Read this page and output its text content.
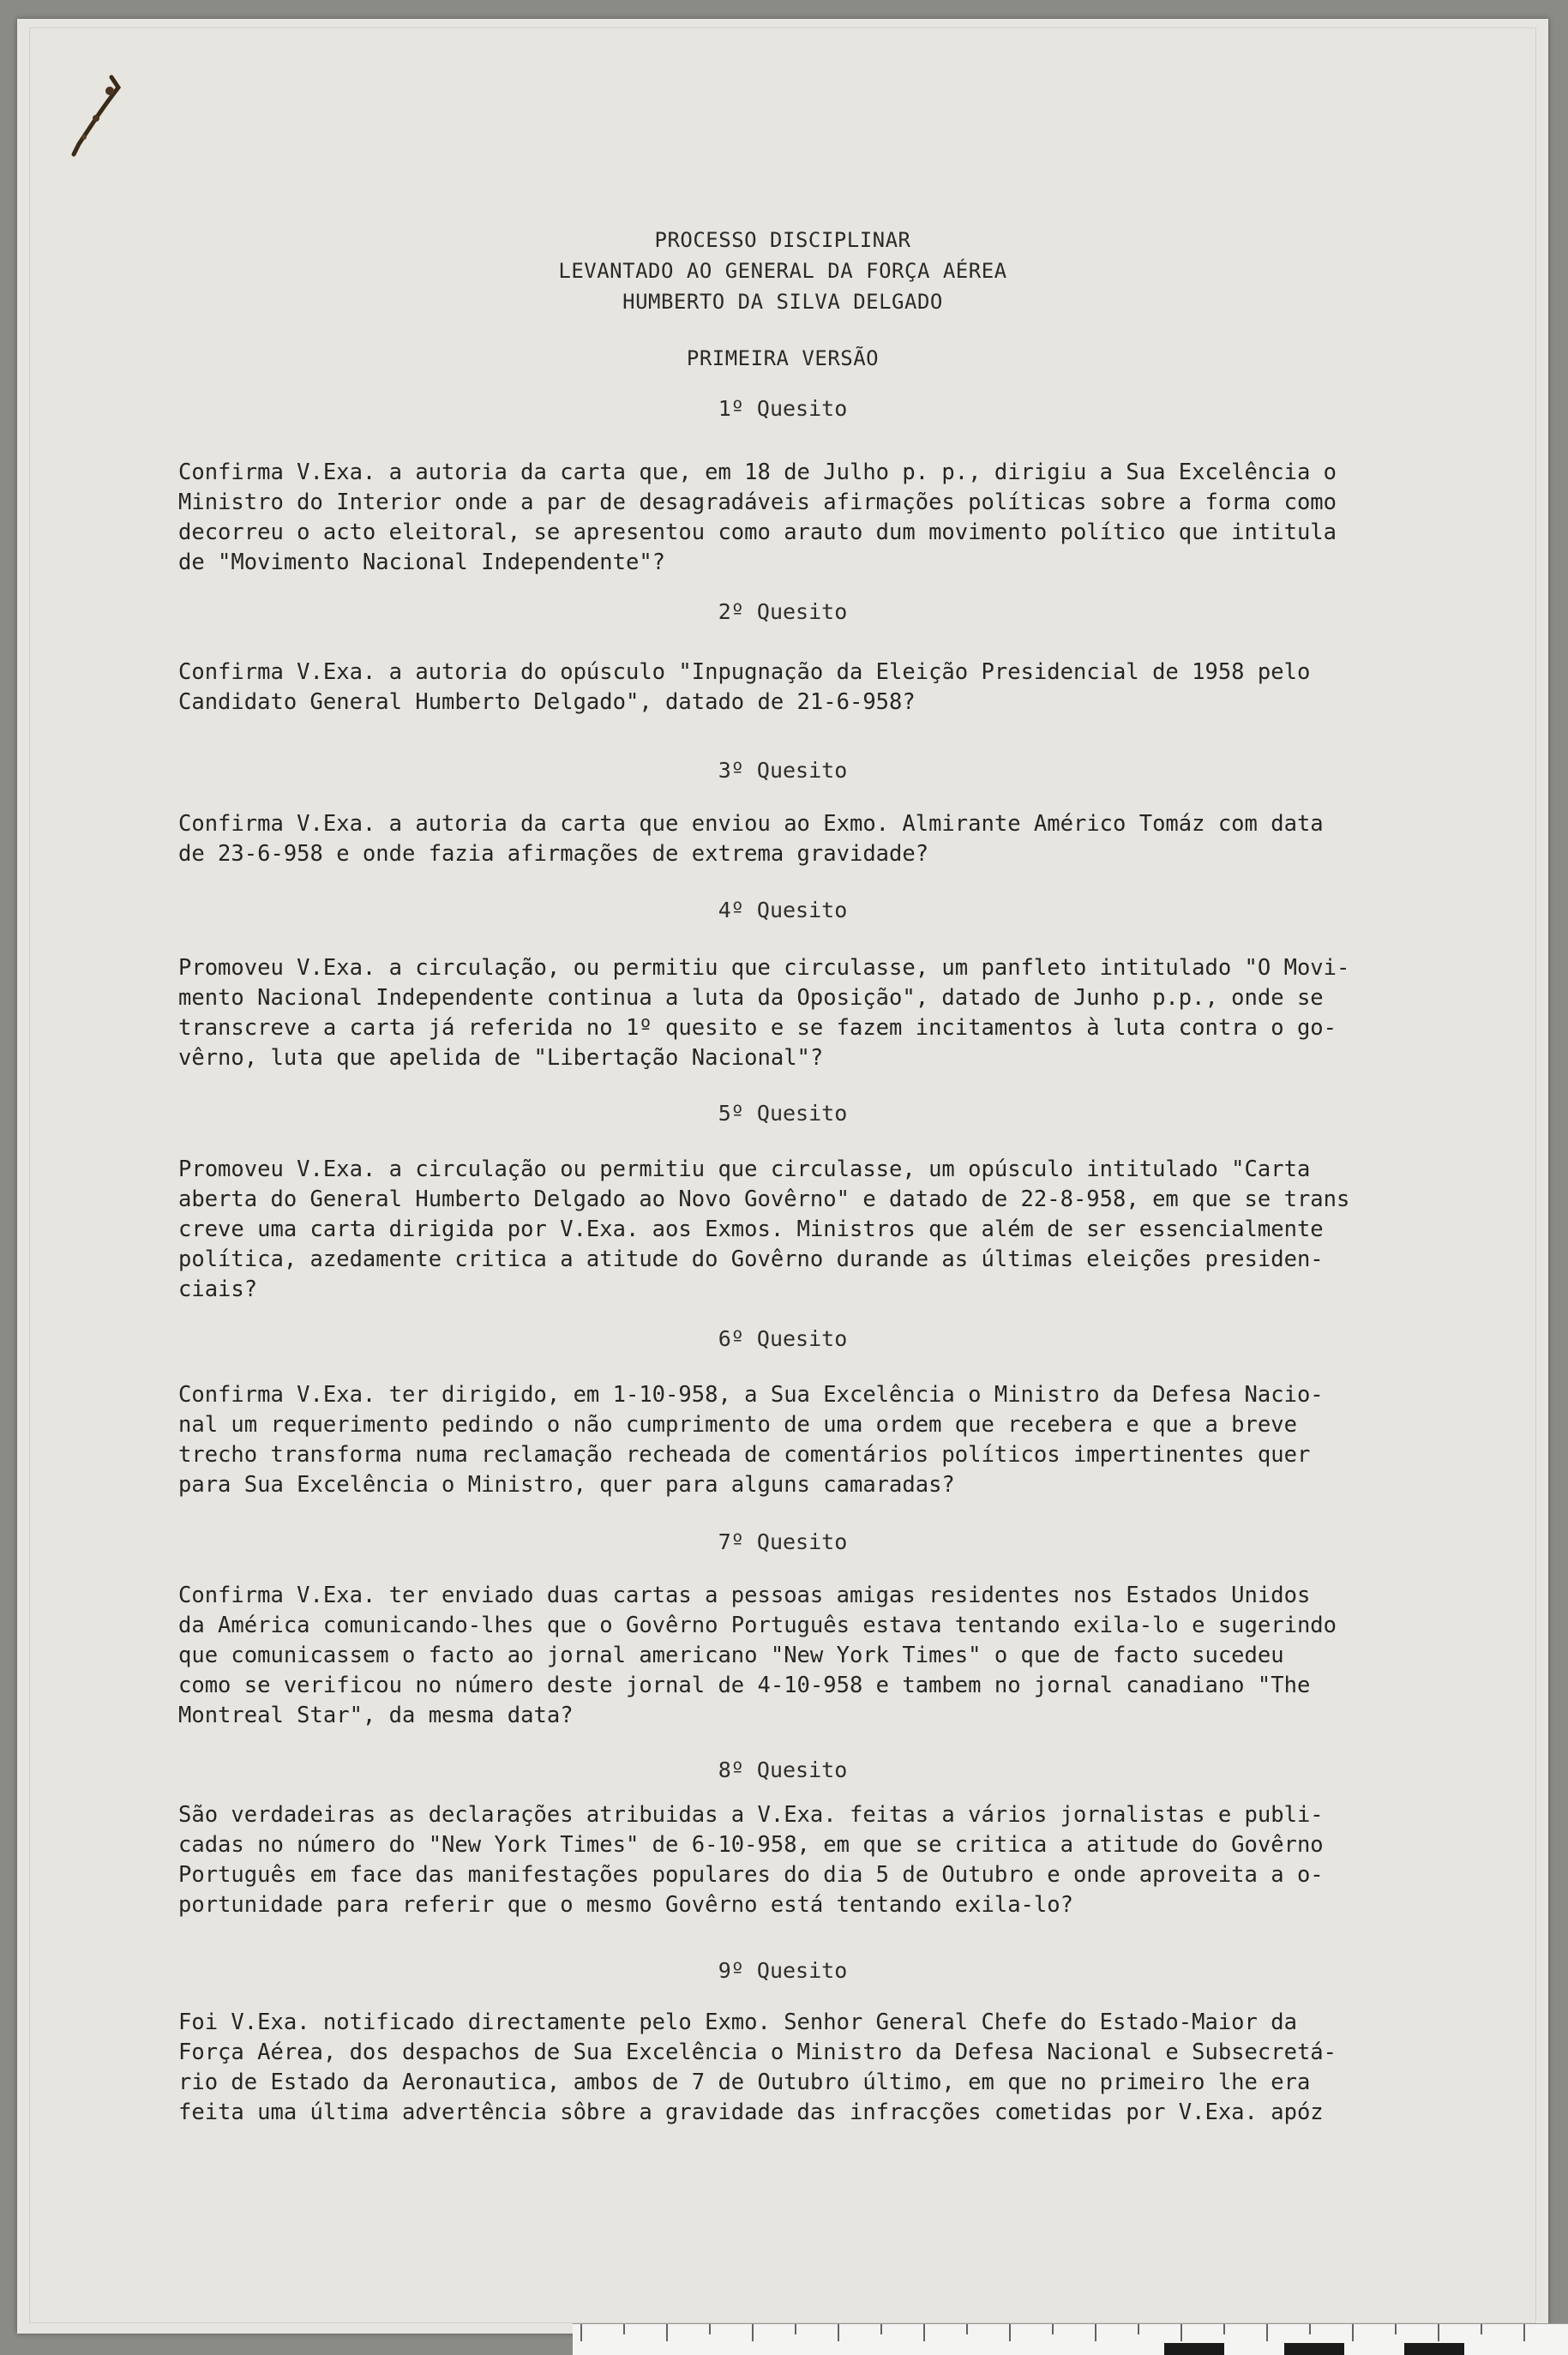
PROCESSO DISCIPLINAR
LEVANTADO AO GENERAL DA FORÇA AÉREA
HUMBERTO DA SILVA DELGADO
PRIMEIRA VERSÃO
1º Quesito
Confirma V.Exa. a autoria da carta que, em 18 de Julho p. p., dirigiu a Sua Excelência o
Ministro do Interior onde a par de desagradáveis afirmações políticas sobre a forma como
decorreu o acto eleitoral, se apresentou como arauto dum movimento político que intitula
de "Movimento Nacional Independente"?
2º Quesito
Confirma V.Exa. a autoria do opúsculo "Inpugnação da Eleição Presidencial de 1958 pelo
Candidato General Humberto Delgado", datado de 21-6-958?
3º Quesito
Confirma V.Exa. a autoria da carta que enviou ao Exmo. Almirante Américo Tomáz com data
de 23-6-958 e onde fazia afirmações de extrema gravidade?
4º Quesito
Promoveu V.Exa. a circulação, ou permitiu que circulasse, um panfleto intitulado "O Movi-
mento Nacional Independente continua a luta da Oposição", datado de Junho p.p., onde se
transcreve a carta já referida no 1º quesito e se fazem incitamentos à luta contra o go-
vêrno, luta que apelida de "Libertação Nacional"?
5º Quesito
Promoveu V.Exa. a circulação ou permitiu que circulasse, um opúsculo intitulado "Carta
aberta do General Humberto Delgado ao Novo Govêrno" e datado de 22-8-958, em que se trans
creve uma carta dirigida por V.Exa. aos Exmos. Ministros que além de ser essencialmente
política, azedamente critica a atitude do Govêrno durande as últimas eleições presiden-
ciais?
6º Quesito
Confirma V.Exa. ter dirigido, em 1-10-958, a Sua Excelência o Ministro da Defesa Nacio-
nal um requerimento pedindo o não cumprimento de uma ordem que recebera e que a breve
trecho transforma numa reclamação recheada de comentários políticos impertinentes quer
para Sua Excelência o Ministro, quer para alguns camaradas?
7º Quesito
Confirma V.Exa. ter enviado duas cartas a pessoas amigas residentes nos Estados Unidos
da América comunicando-lhes que o Govêrno Português estava tentando exila-lo e sugerindo
que comunicassem o facto ao jornal americano "New York Times" o que de facto sucedeu
como se verificou no número deste jornal de 4-10-958 e tambem no jornal canadiano "The
Montreal Star", da mesma data?
8º Quesito
São verdadeiras as declarações atribuidas a V.Exa. feitas a vários jornalistas e publi-
cadas no número do "New York Times" de 6-10-958, em que se critica a atitude do Govêrno
Português em face das manifestações populares do dia 5 de Outubro e onde aproveita a o-
portunidade para referir que o mesmo Govêrno está tentando exila-lo?
9º Quesito
Foi V.Exa. notificado directamente pelo Exmo. Senhor General Chefe do Estado-Maior da
Força Aérea, dos despachos de Sua Excelência o Ministro da Defesa Nacional e Subsecretá-
rio de Estado da Aeronautica, ambos de 7 de Outubro último, em que no primeiro lhe era
feita uma última advertência sôbre a gravidade das infracções cometidas por V.Exa. apóz
